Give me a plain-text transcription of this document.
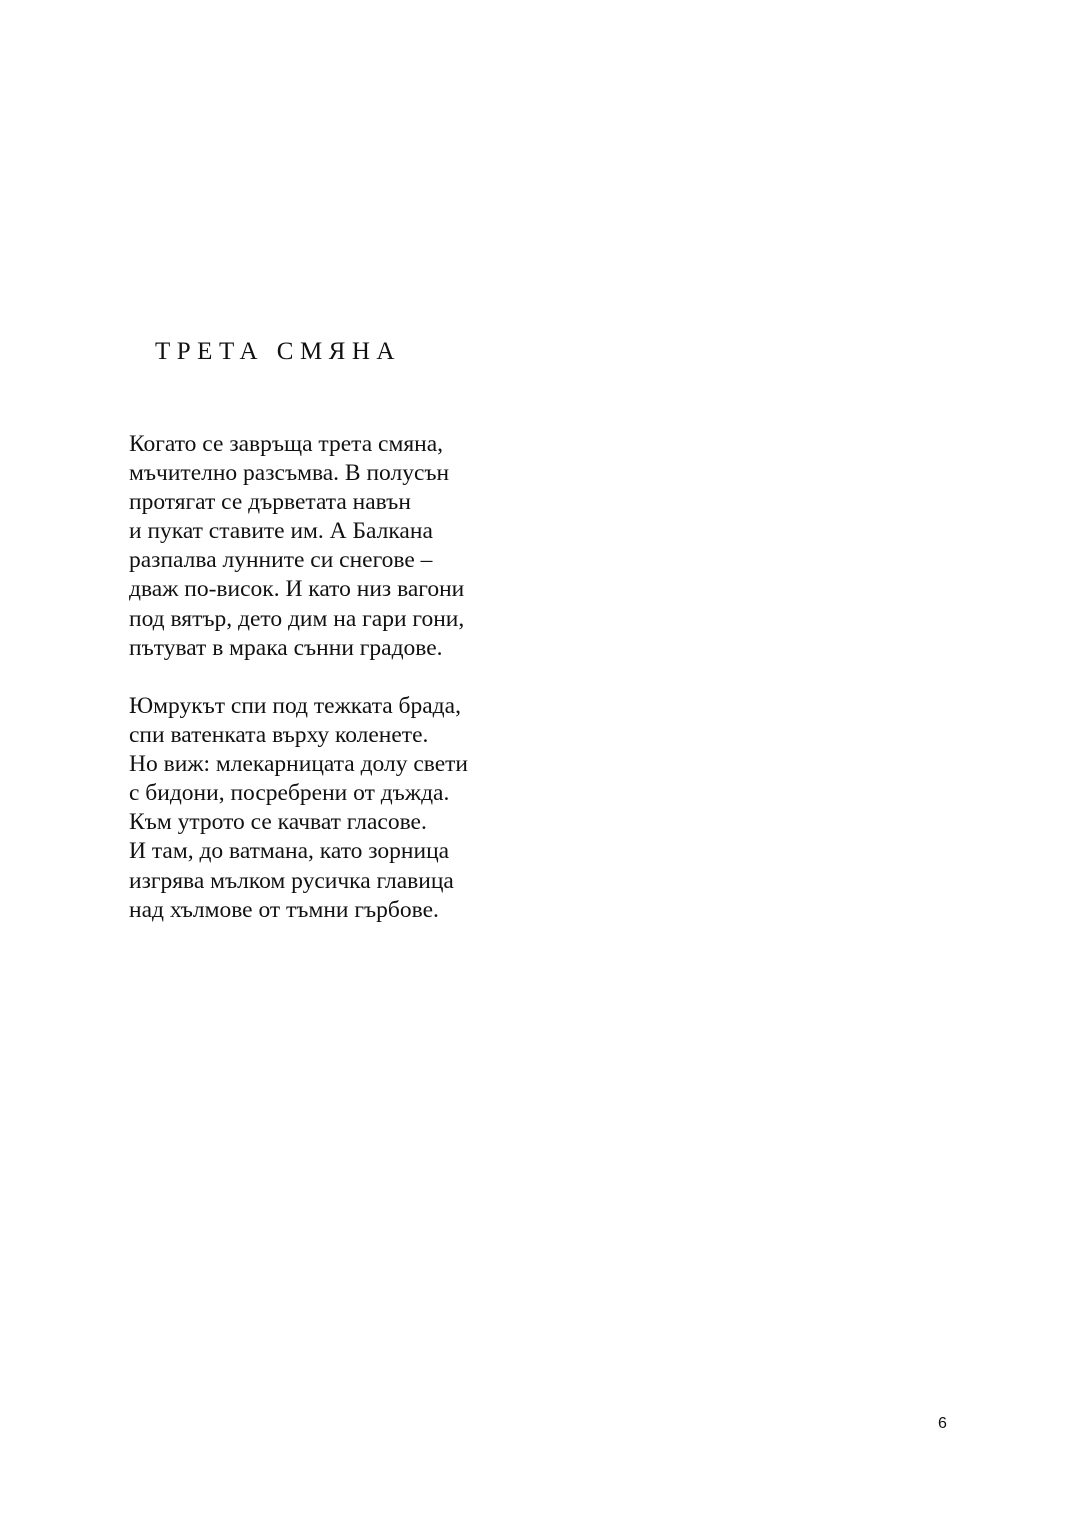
ТРЕТА СМЯНА
Когато се завръща трета смяна,
мъчително разсъмва. В полусън
протягат се дърветата навън
и пукат ставите им. А Балкана
разпалва лунните си снегове –
дваж по-висок. И като низ вагони
под вятър, дето дим на гари гони,
пътуват в мрака сънни градове.
Юмрукът спи под тежката брада,
спи ватенката върху коленете.
Но виж: млекарницата долу свети
с бидони, посребрени от дъжда.
Към утрото се качват гласове.
И там, до ватмана, като зорница
изгрява мълком русичка главица
над хълмове от тъмни гърбове.
6
